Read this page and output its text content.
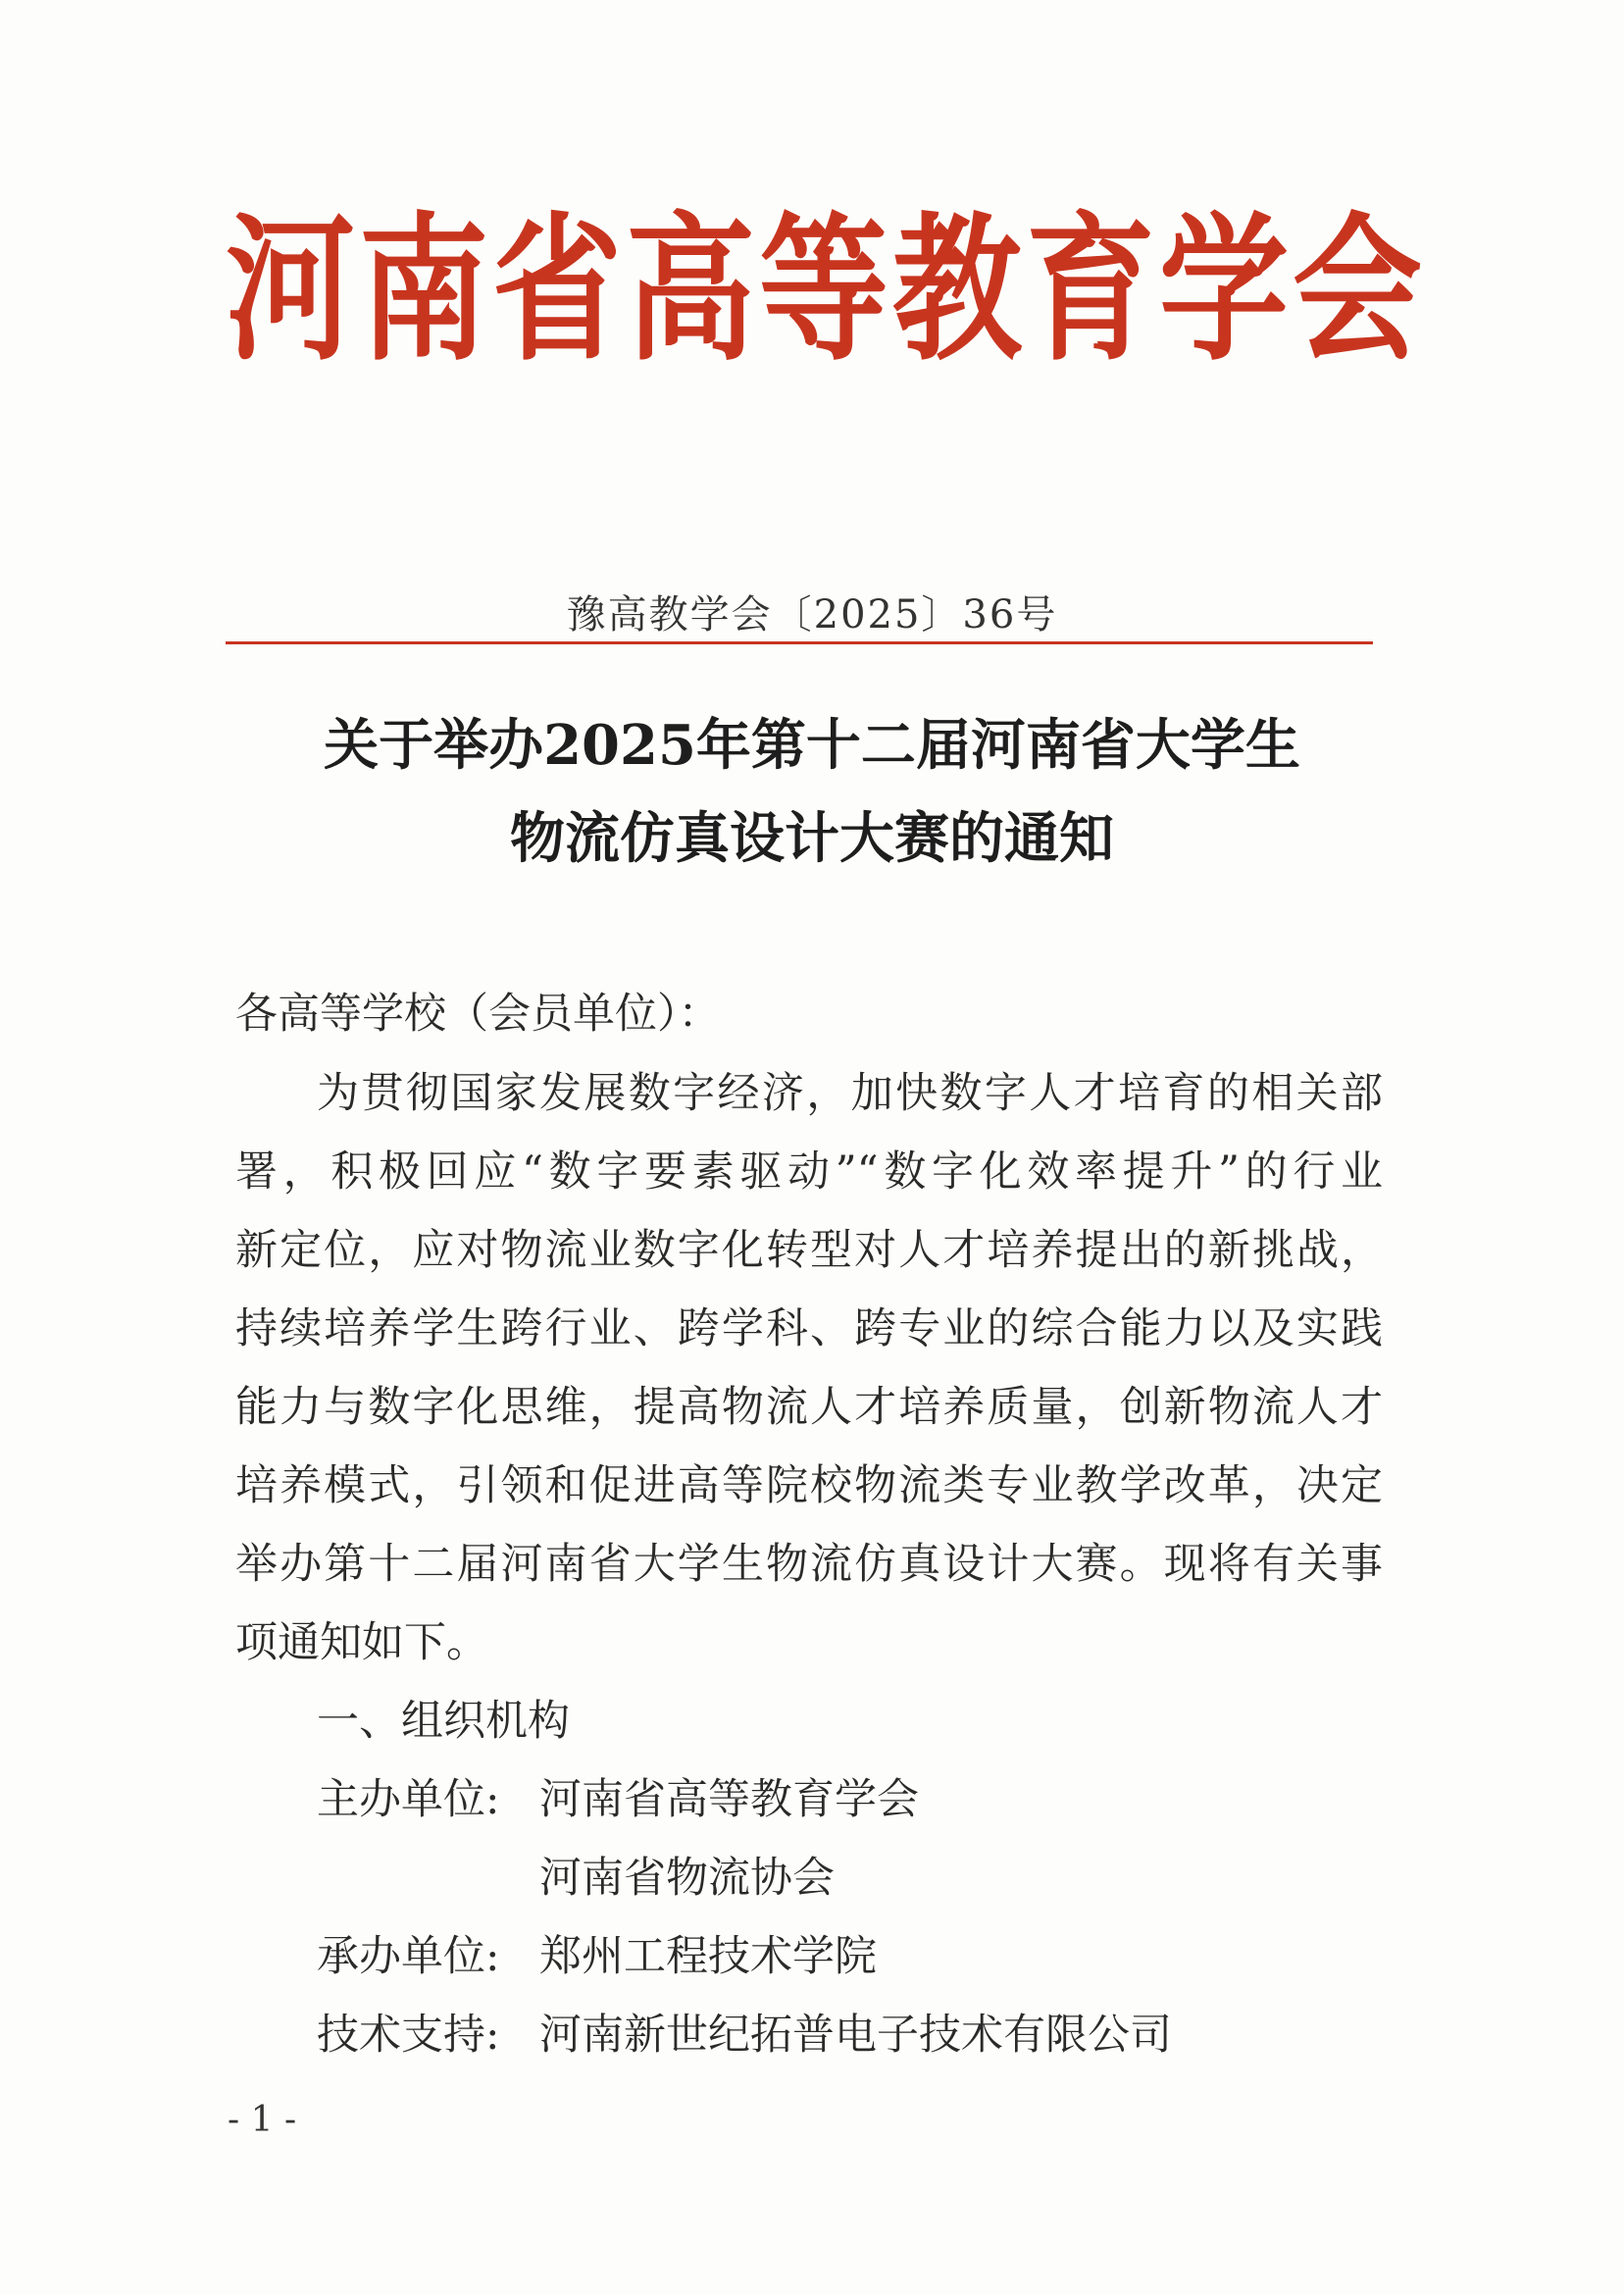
河南省高等教育学会
豫高教学会〔2025〕36号
关于举办2025年第十二届河南省大学生
物流仿真设计大赛的通知
各高等学校（会员单位）：
为贯彻国家发展数字经济，加快数字人才培育的相关部
署，积极回应“数字要素驱动”“数字化效率提升”的行业
新定位，应对物流业数字化转型对人才培养提出的新挑战，
持续培养学生跨行业、跨学科、跨专业的综合能力以及实践
能力与数字化思维，提高物流人才培养质量，创新物流人才
培养模式，引领和促进高等院校物流类专业教学改革，决定
举办第十二届河南省大学生物流仿真设计大赛。现将有关事
项通知如下。
一、组织机构
主办单位: 河南省高等教育学会
河南省物流协会
承办单位: 郑州工程技术学院
技术支持: 河南新世纪拓普电子技术有限公司
- 1 -
